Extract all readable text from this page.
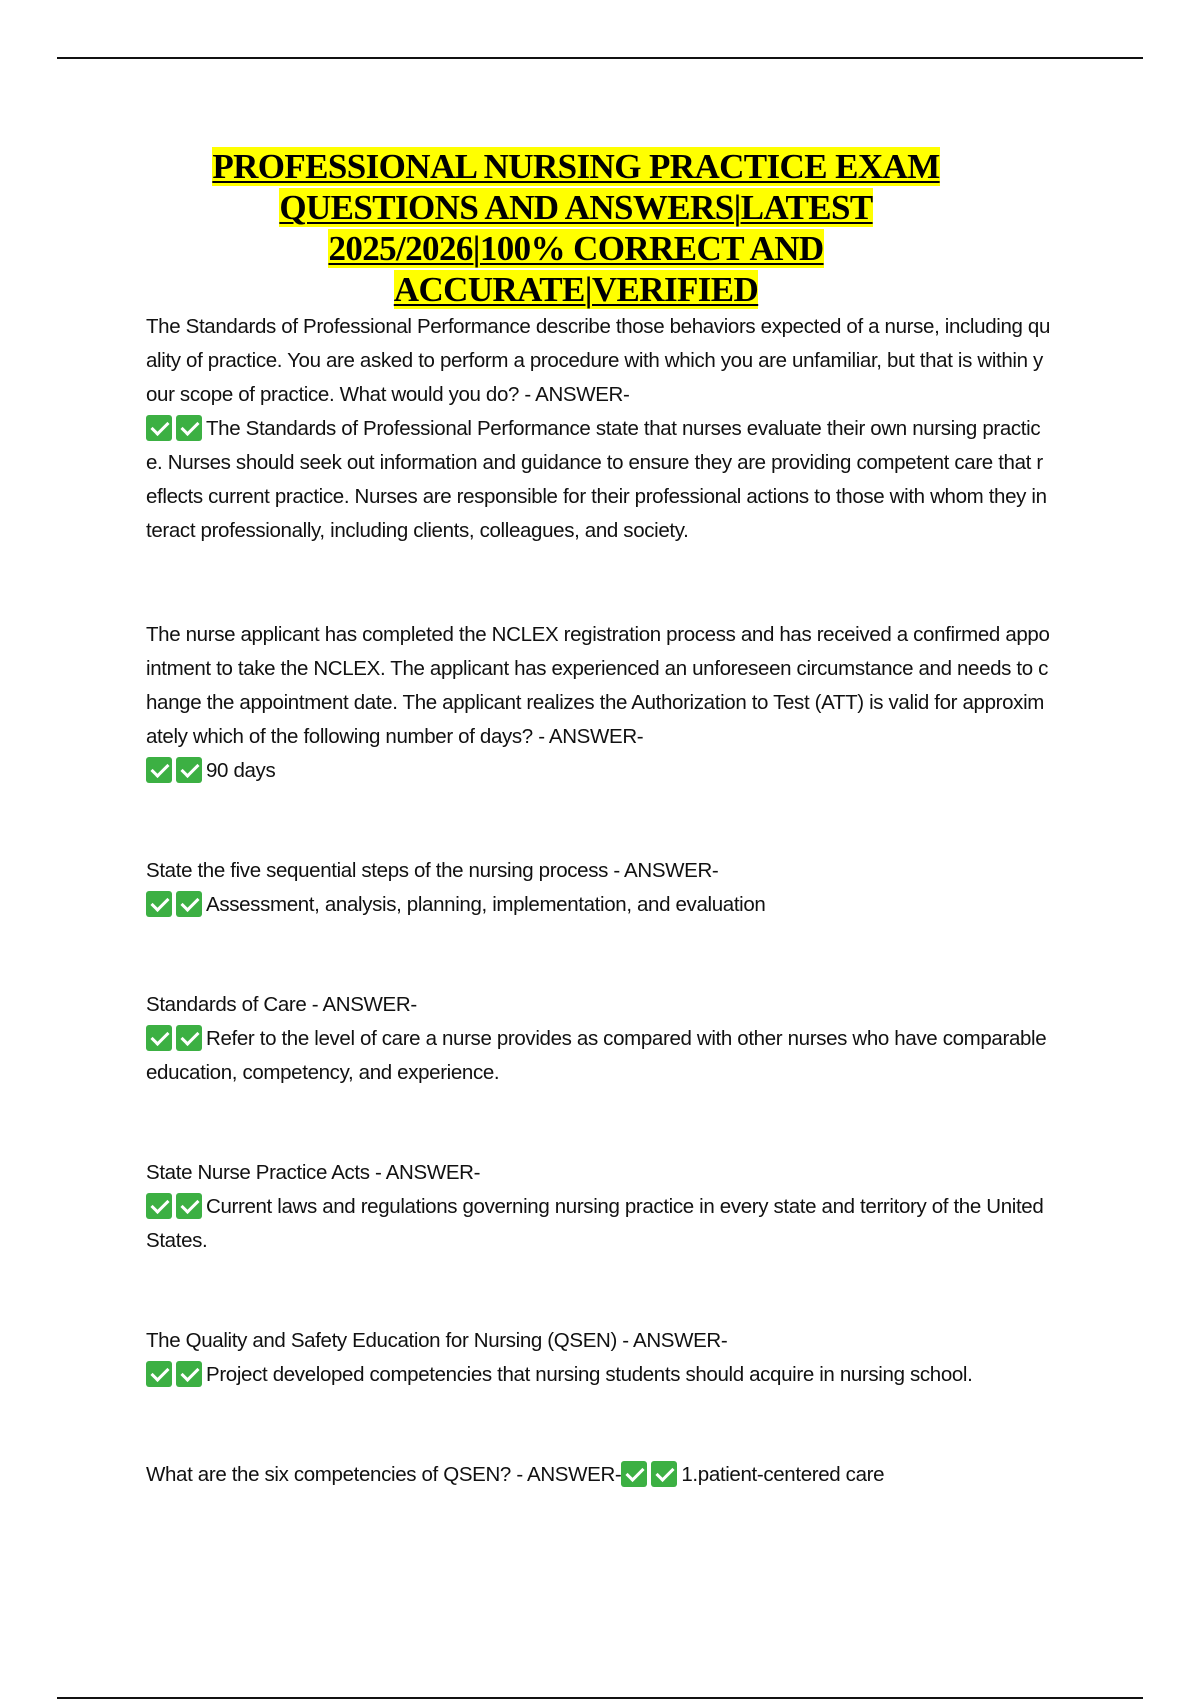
PROFESSIONAL NURSING PRACTICE EXAM
QUESTIONS AND ANSWERS|LATEST
2025/2026|100% CORRECT AND
ACCURATE|VERIFIED
The Standards of Professional Performance describe those behaviors expected of a nurse, including quality of practice. You are asked to perform a procedure with which you are unfamiliar, but that is within your scope of practice. What would you do? - ANSWER-
The Standards of Professional Performance state that nurses evaluate their own nursing practice. Nurses should seek out information and guidance to ensure they are providing competent care that reflects current practice. Nurses are responsible for their professional actions to those with whom they interact professionally, including clients, colleagues, and society.
The nurse applicant has completed the NCLEX registration process and has received a confirmed appointment to take the NCLEX. The applicant has experienced an unforeseen circumstance and needs to change the appointment date. The applicant realizes the Authorization to Test (ATT) is valid for approximately which of the following number of days? - ANSWER-
90 days
State the five sequential steps of the nursing process - ANSWER-
Assessment, analysis, planning, implementation, and evaluation
Standards of Care - ANSWER-
Refer to the level of care a nurse provides as compared with other nurses who have comparable education, competency, and experience.
State Nurse Practice Acts - ANSWER-
Current laws and regulations governing nursing practice in every state and territory of the United States.
The Quality and Safety Education for Nursing (QSEN) - ANSWER-
Project developed competencies that nursing students should acquire in nursing school.
What are the six competencies of QSEN? - ANSWER-	1.patient-centered care
